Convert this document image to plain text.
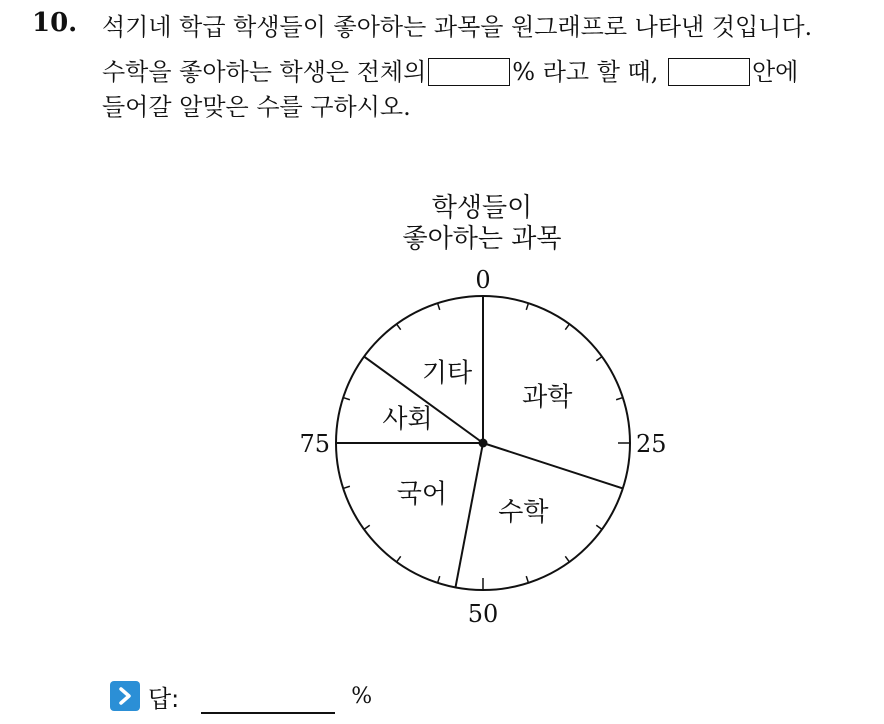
10. 석기네 학급 학생들이 좋아하는 과목을 원그래프로 나타낸 것입니다.
수학을 좋아하는 학생은 전체의	% 라고 할 때,	안에
들어갈 알맞은 수를 구하시오.
학생들이
좋아하는 과목
과학
수학
국어
사회
기타
0
25
50
75
답:	%
